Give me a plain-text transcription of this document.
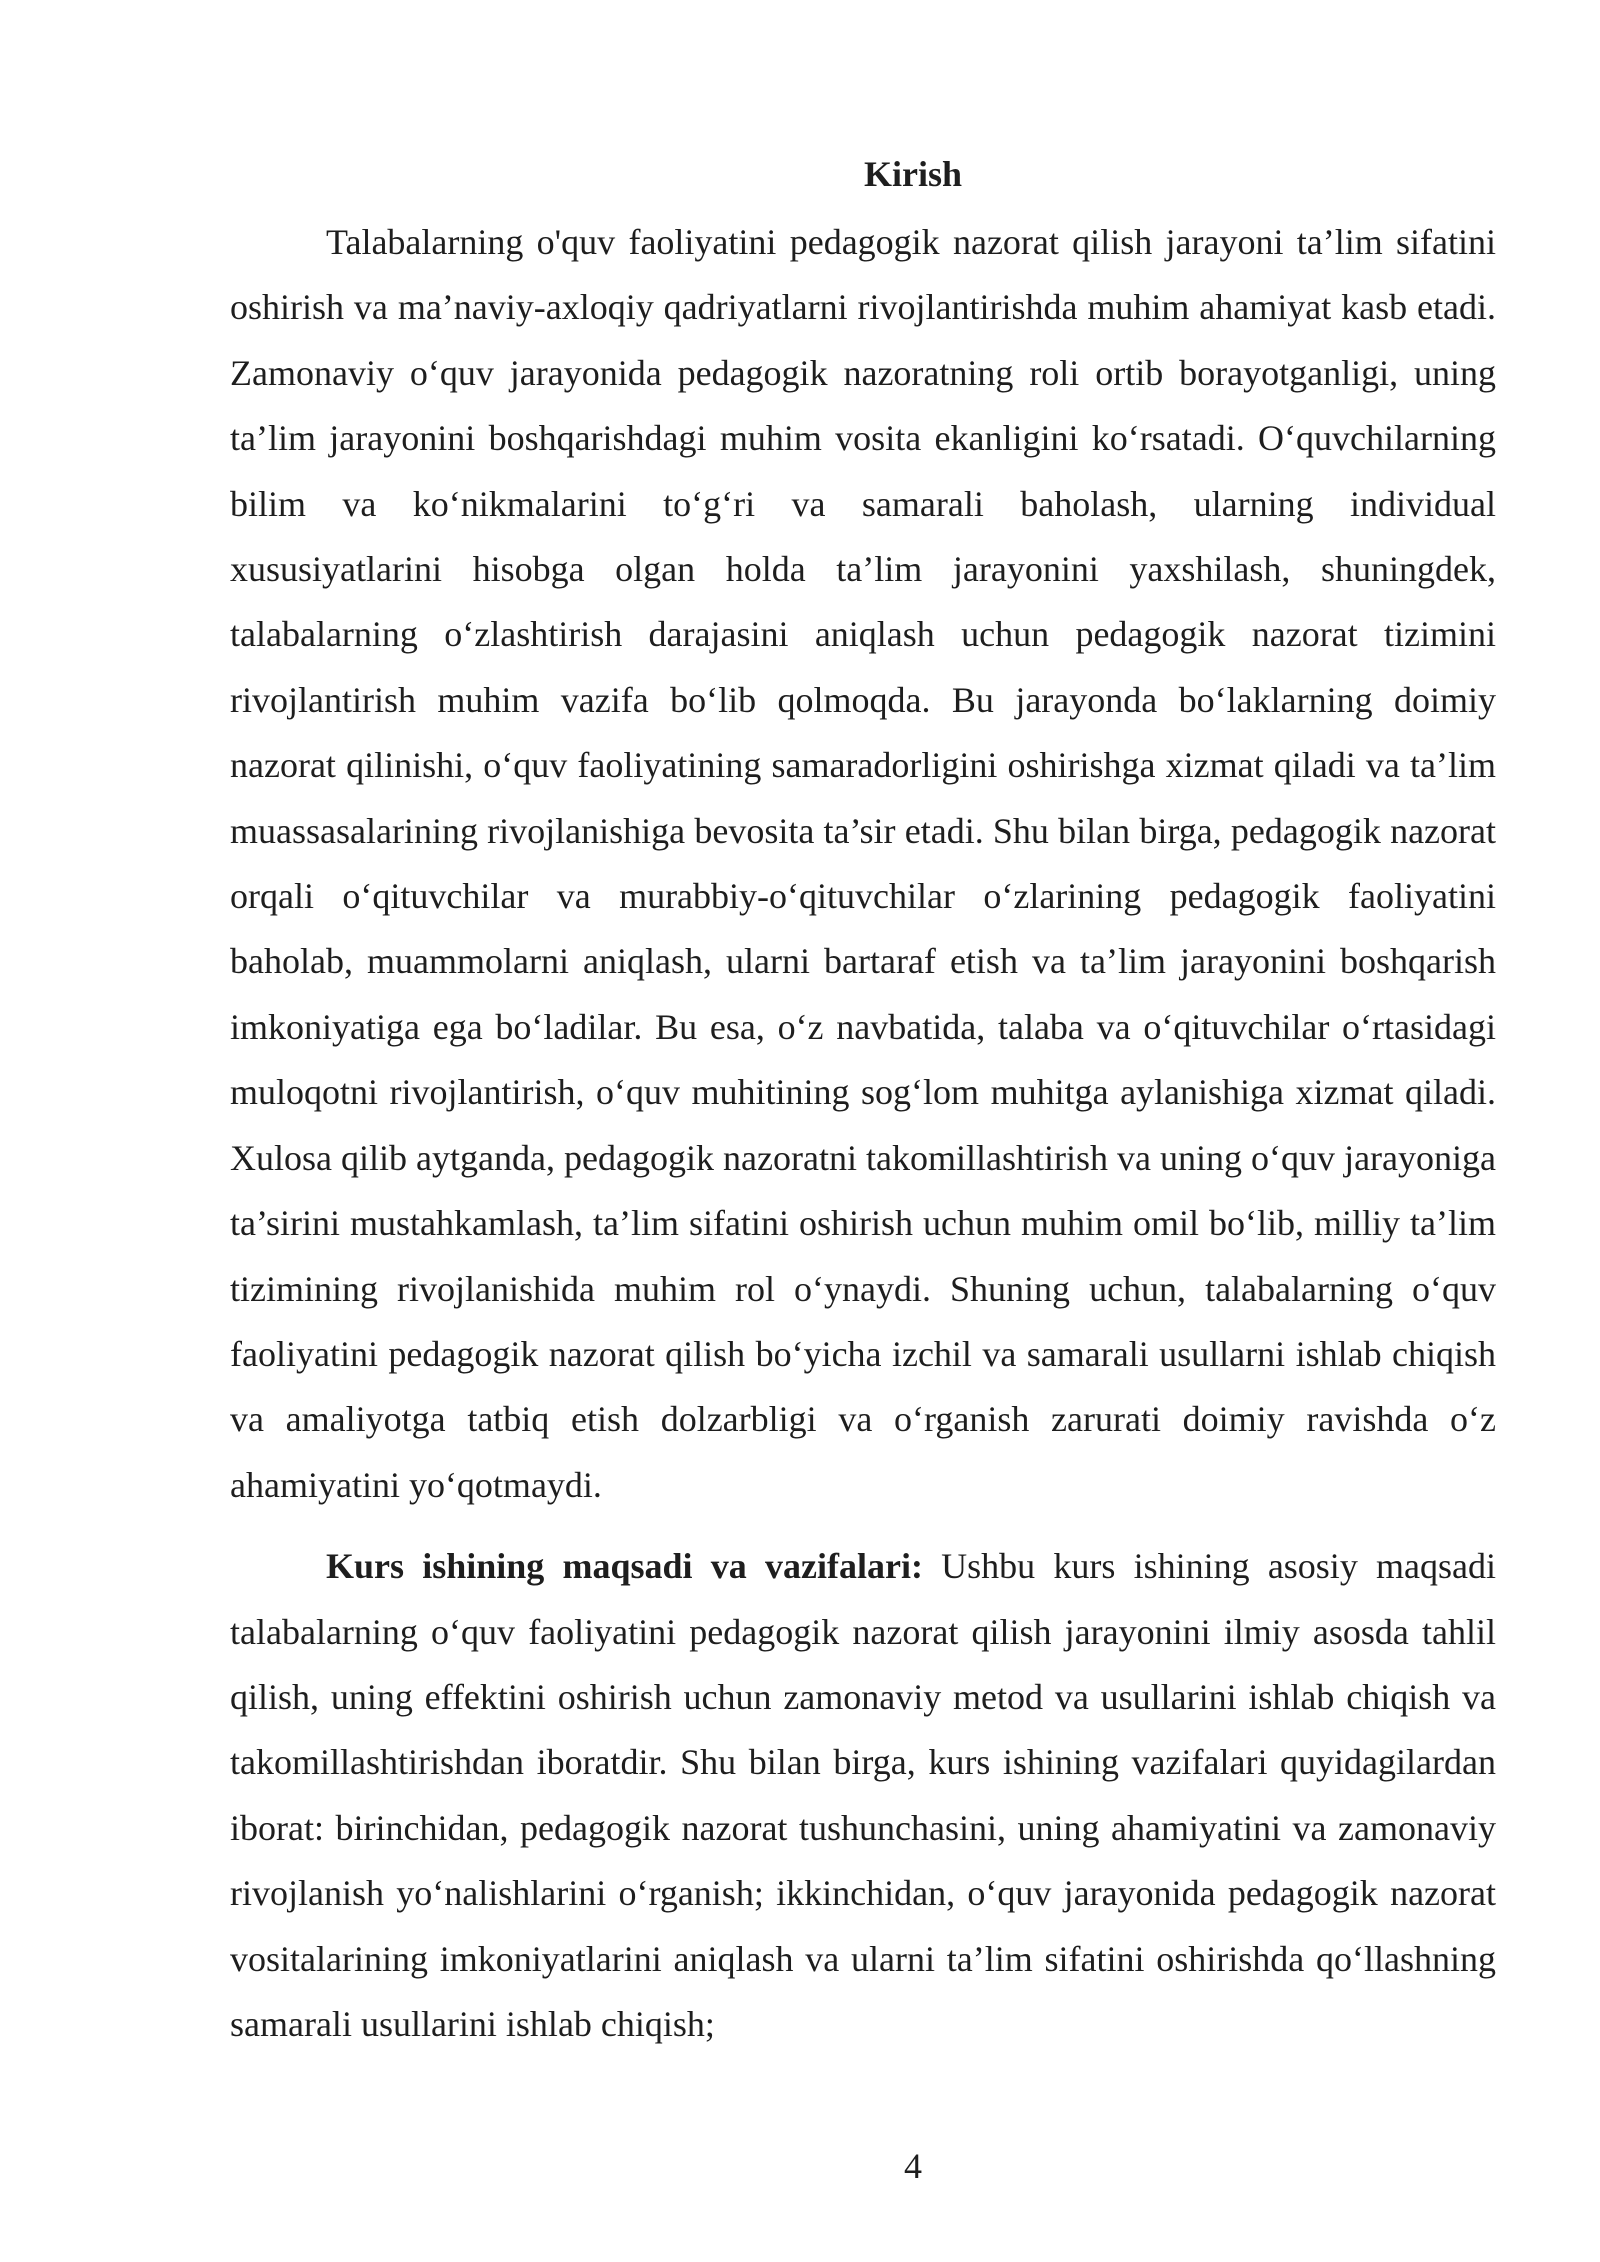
Kirish

Talabalarning o'quv faoliyatini pedagogik nazorat qilish jarayoni ta’lim sifatini oshirish va ma’naviy-axloqiy qadriyatlarni rivojlantirishda muhim ahamiyat kasb etadi. Zamonaviy o‘quv jarayonida pedagogik nazoratning roli ortib borayotganligi, uning ta’lim jarayonini boshqarishdagi muhim vosita ekanligini ko‘rsatadi. O‘quvchilarning bilim va ko‘nikmalarini to‘g‘ri va samarali baholash, ularning individual xususiyatlarini hisobga olgan holda ta’lim jarayonini yaxshilash, shuningdek, talabalarning o‘zlashtirish darajasini aniqlash uchun pedagogik nazorat tizimini rivojlantirish muhim vazifa bo‘lib qolmoqda. Bu jarayonda bo‘laklarning doimiy nazorat qilinishi, o‘quv faoliyatining samaradorligini oshirishga xizmat qiladi va ta’lim muassasalarining rivojlanishiga bevosita ta’sir etadi. Shu bilan birga, pedagogik nazorat orqali o‘qituvchilar va murabbiy-o‘qituvchilar o‘zlarining pedagogik faoliyatini baholab, muammolarni aniqlash, ularni bartaraf etish va ta’lim jarayonini boshqarish imkoniyatiga ega bo‘ladilar. Bu esa, o‘z navbatida, talaba va o‘qituvchilar o‘rtasidagi muloqotni rivojlantirish, o‘quv muhitining sog‘lom muhitga aylanishiga xizmat qiladi. Xulosa qilib aytganda, pedagogik nazoratni takomillashtirish va uning o‘quv jarayoniga ta’sirini mustahkamlash, ta’lim sifatini oshirish uchun muhim omil bo‘lib, milliy ta’lim tizimining rivojlanishida muhim rol o‘ynaydi. Shuning uchun, talabalarning o‘quv faoliyatini pedagogik nazorat qilish bo‘yicha izchil va samarali usullarni ishlab chiqish va amaliyotga tatbiq etish dolzarbligi va o‘rganish zarurati doimiy ravishda o‘z ahamiyatini yo‘qotmaydi.

Kurs ishining maqsadi va vazifalari: Ushbu kurs ishining asosiy maqsadi talabalarning o‘quv faoliyatini pedagogik nazorat qilish jarayonini ilmiy asosda tahlil qilish, uning effektini oshirish uchun zamonaviy metod va usullarini ishlab chiqish va takomillashtirishdan iboratdir. Shu bilan birga, kurs ishining vazifalari quyidagilardan iborat: birinchidan, pedagogik nazorat tushunchasini, uning ahamiyatini va zamonaviy rivojlanish yo‘nalishlarini o‘rganish; ikkinchidan, o‘quv jarayonida pedagogik nazorat vositalarining imkoniyatlarini aniqlash va ularni ta’lim sifatini oshirishda qo‘llashning samarali usullarini ishlab chiqish;

4
